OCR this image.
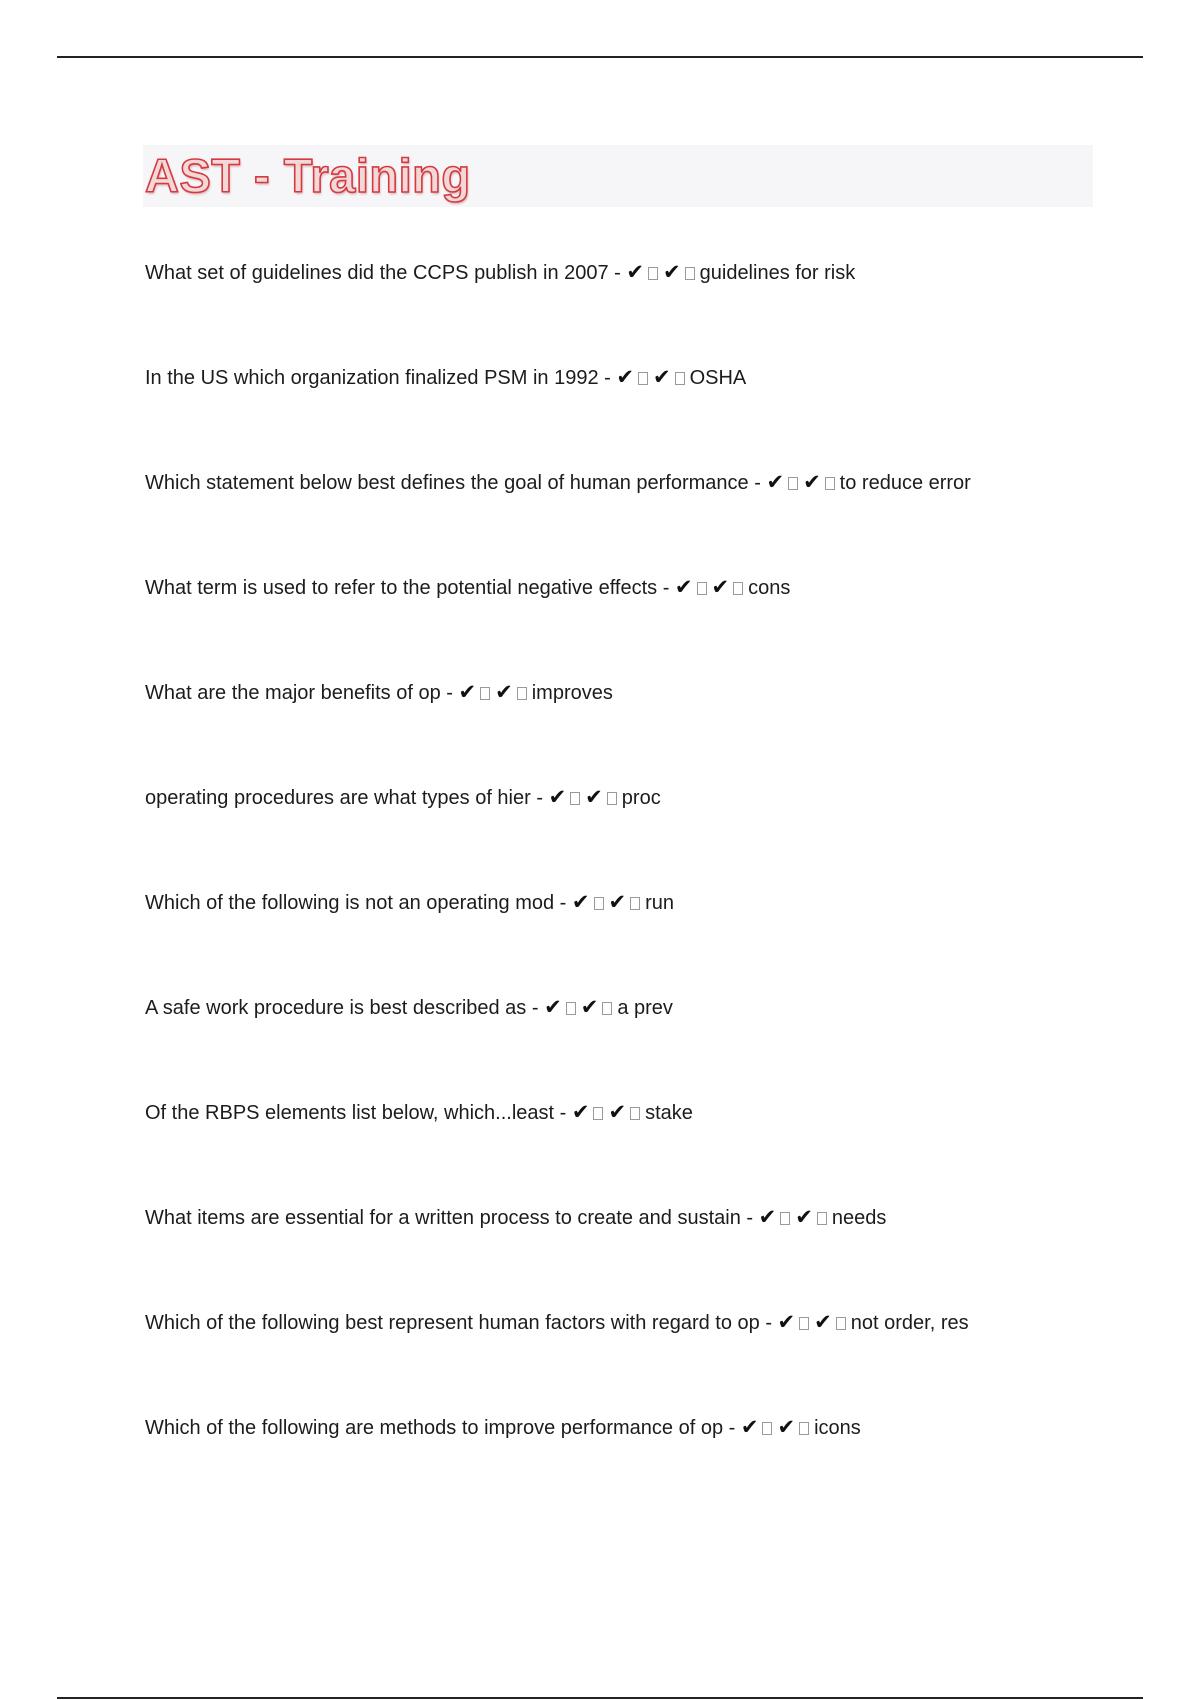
AST - Training
What set of guidelines did the CCPS publish in 2007 - ✔ ✔ guidelines for risk
In the US which organization finalized PSM in 1992 - ✔ ✔ OSHA
Which statement below best defines the goal of human performance - ✔ ✔ to reduce error
What term is used to refer to the potential negative effects - ✔ ✔ cons
What are the major benefits of op - ✔ ✔ improves
operating procedures are what types of hier - ✔ ✔ proc
Which of the following is not an operating mod - ✔ ✔ run
A safe work procedure is best described as - ✔ ✔ a prev
Of the RBPS elements list below, which...least - ✔ ✔ stake
What items are essential for a written process to create and sustain - ✔ ✔ needs
Which of the following best represent human factors with regard to op - ✔ ✔ not order, res
Which of the following are methods to improve performance of op - ✔ ✔ icons
